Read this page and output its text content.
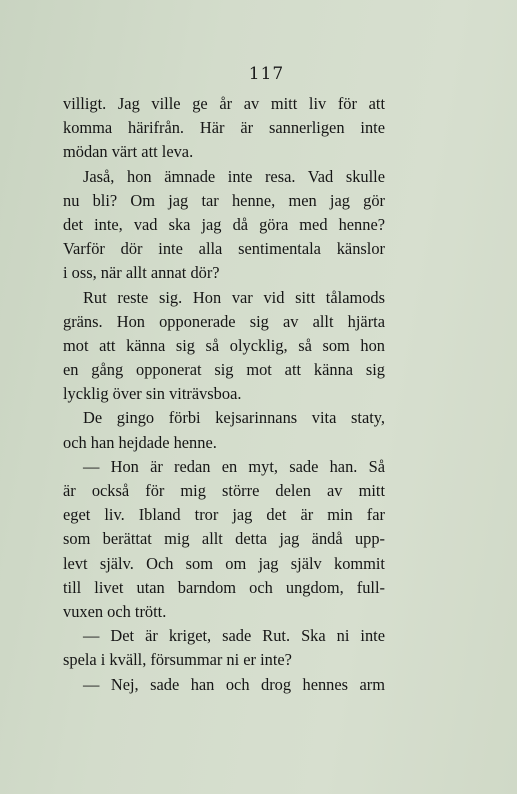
117
villigt. Jag ville ge år av mitt liv för att
komma härifrån. Här är sannerligen inte
mödan värt att leva.
Jaså, hon ämnade inte resa. Vad skulle
nu bli? Om jag tar henne, men jag gör
det inte, vad ska jag då göra med henne?
Varför dör inte alla sentimentala känslor
i oss, när allt annat dör?
Rut reste sig. Hon var vid sitt tålamods
gräns. Hon opponerade sig av allt hjärta
mot att känna sig så olycklig, så som hon
en gång opponerat sig mot att känna sig
lycklig över sin viträvsboa.
De gingo förbi kejsarinnans vita staty,
och han hejdade henne.
— Hon är redan en myt, sade han. Så
är också för mig större delen av mitt
eget liv. Ibland tror jag det är min far
som berättat mig allt detta jag ändå upp-
levt själv. Och som om jag själv kommit
till livet utan barndom och ungdom, full-
vuxen och trött.
— Det är kriget, sade Rut. Ska ni inte
spela i kväll, försummar ni er inte?
— Nej, sade han och drog hennes arm
